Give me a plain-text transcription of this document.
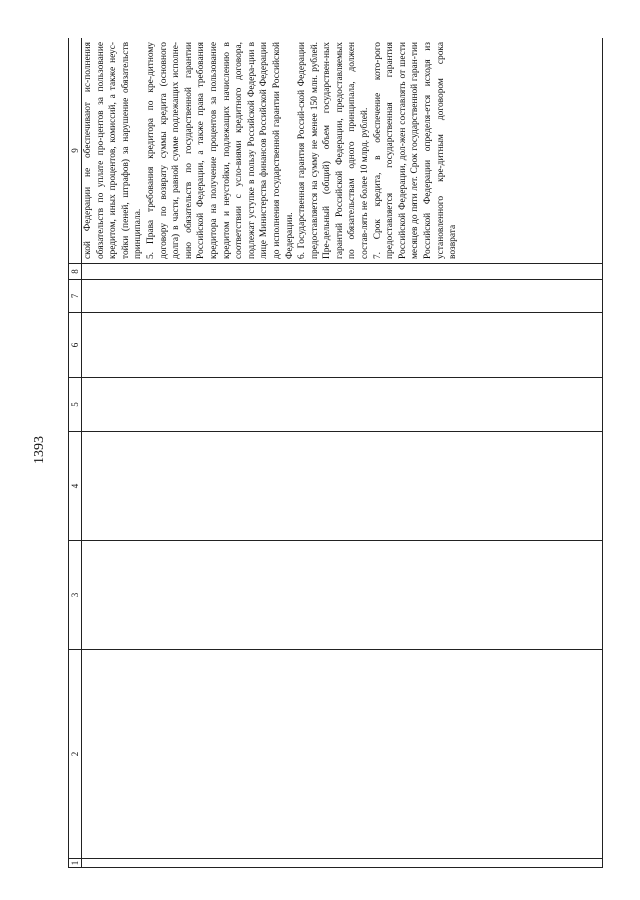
1393
1	2	3	4	5	6	7	8	9

								ской Федерации не обеспечивают ис-полнения обязательств по уплате про-центов за пользование кредитом, иных процентов, комиссий, а также неус-тойки (пеней, штрафов) за нарушение обязательств принципала. 5. Права требования кредитора по кре-дитному договору по возврату суммы кредита (основного долга) в части, равной сумме подлежащих исполне-нию обязательств по государственной гарантии Российской Федерации, а также права требования кредитора на получение процентов за пользование кредитом и неустойки, подлежащих начислению в соответствии с усло-виями кредитного договора, подлежат уступке в пользу Российской Федера-ции в лице Министерства финансов Российской Федерации до исполнения государственной гарантии Российской Федерации. 6. Государственная гарантия Россий-ской Федерации предоставляется на сумму не менее 150 млн. рублей. Пре-дельный (общий) объем государствен-ных гарантий Российской Федерации, предоставляемых по обязательствам одного принципала, должен состав-лять не более 10 млрд. рублей. 7. Срок кредита, в обеспечение кото-рого предоставляется государственная гарантия Российской Федерации, дол-жен составлять от шести месяцев до пяти лет. Срок государственной гаран-тии Российской Федерации определя-ется исходя из установленного кре-дитным договором срока возврата
